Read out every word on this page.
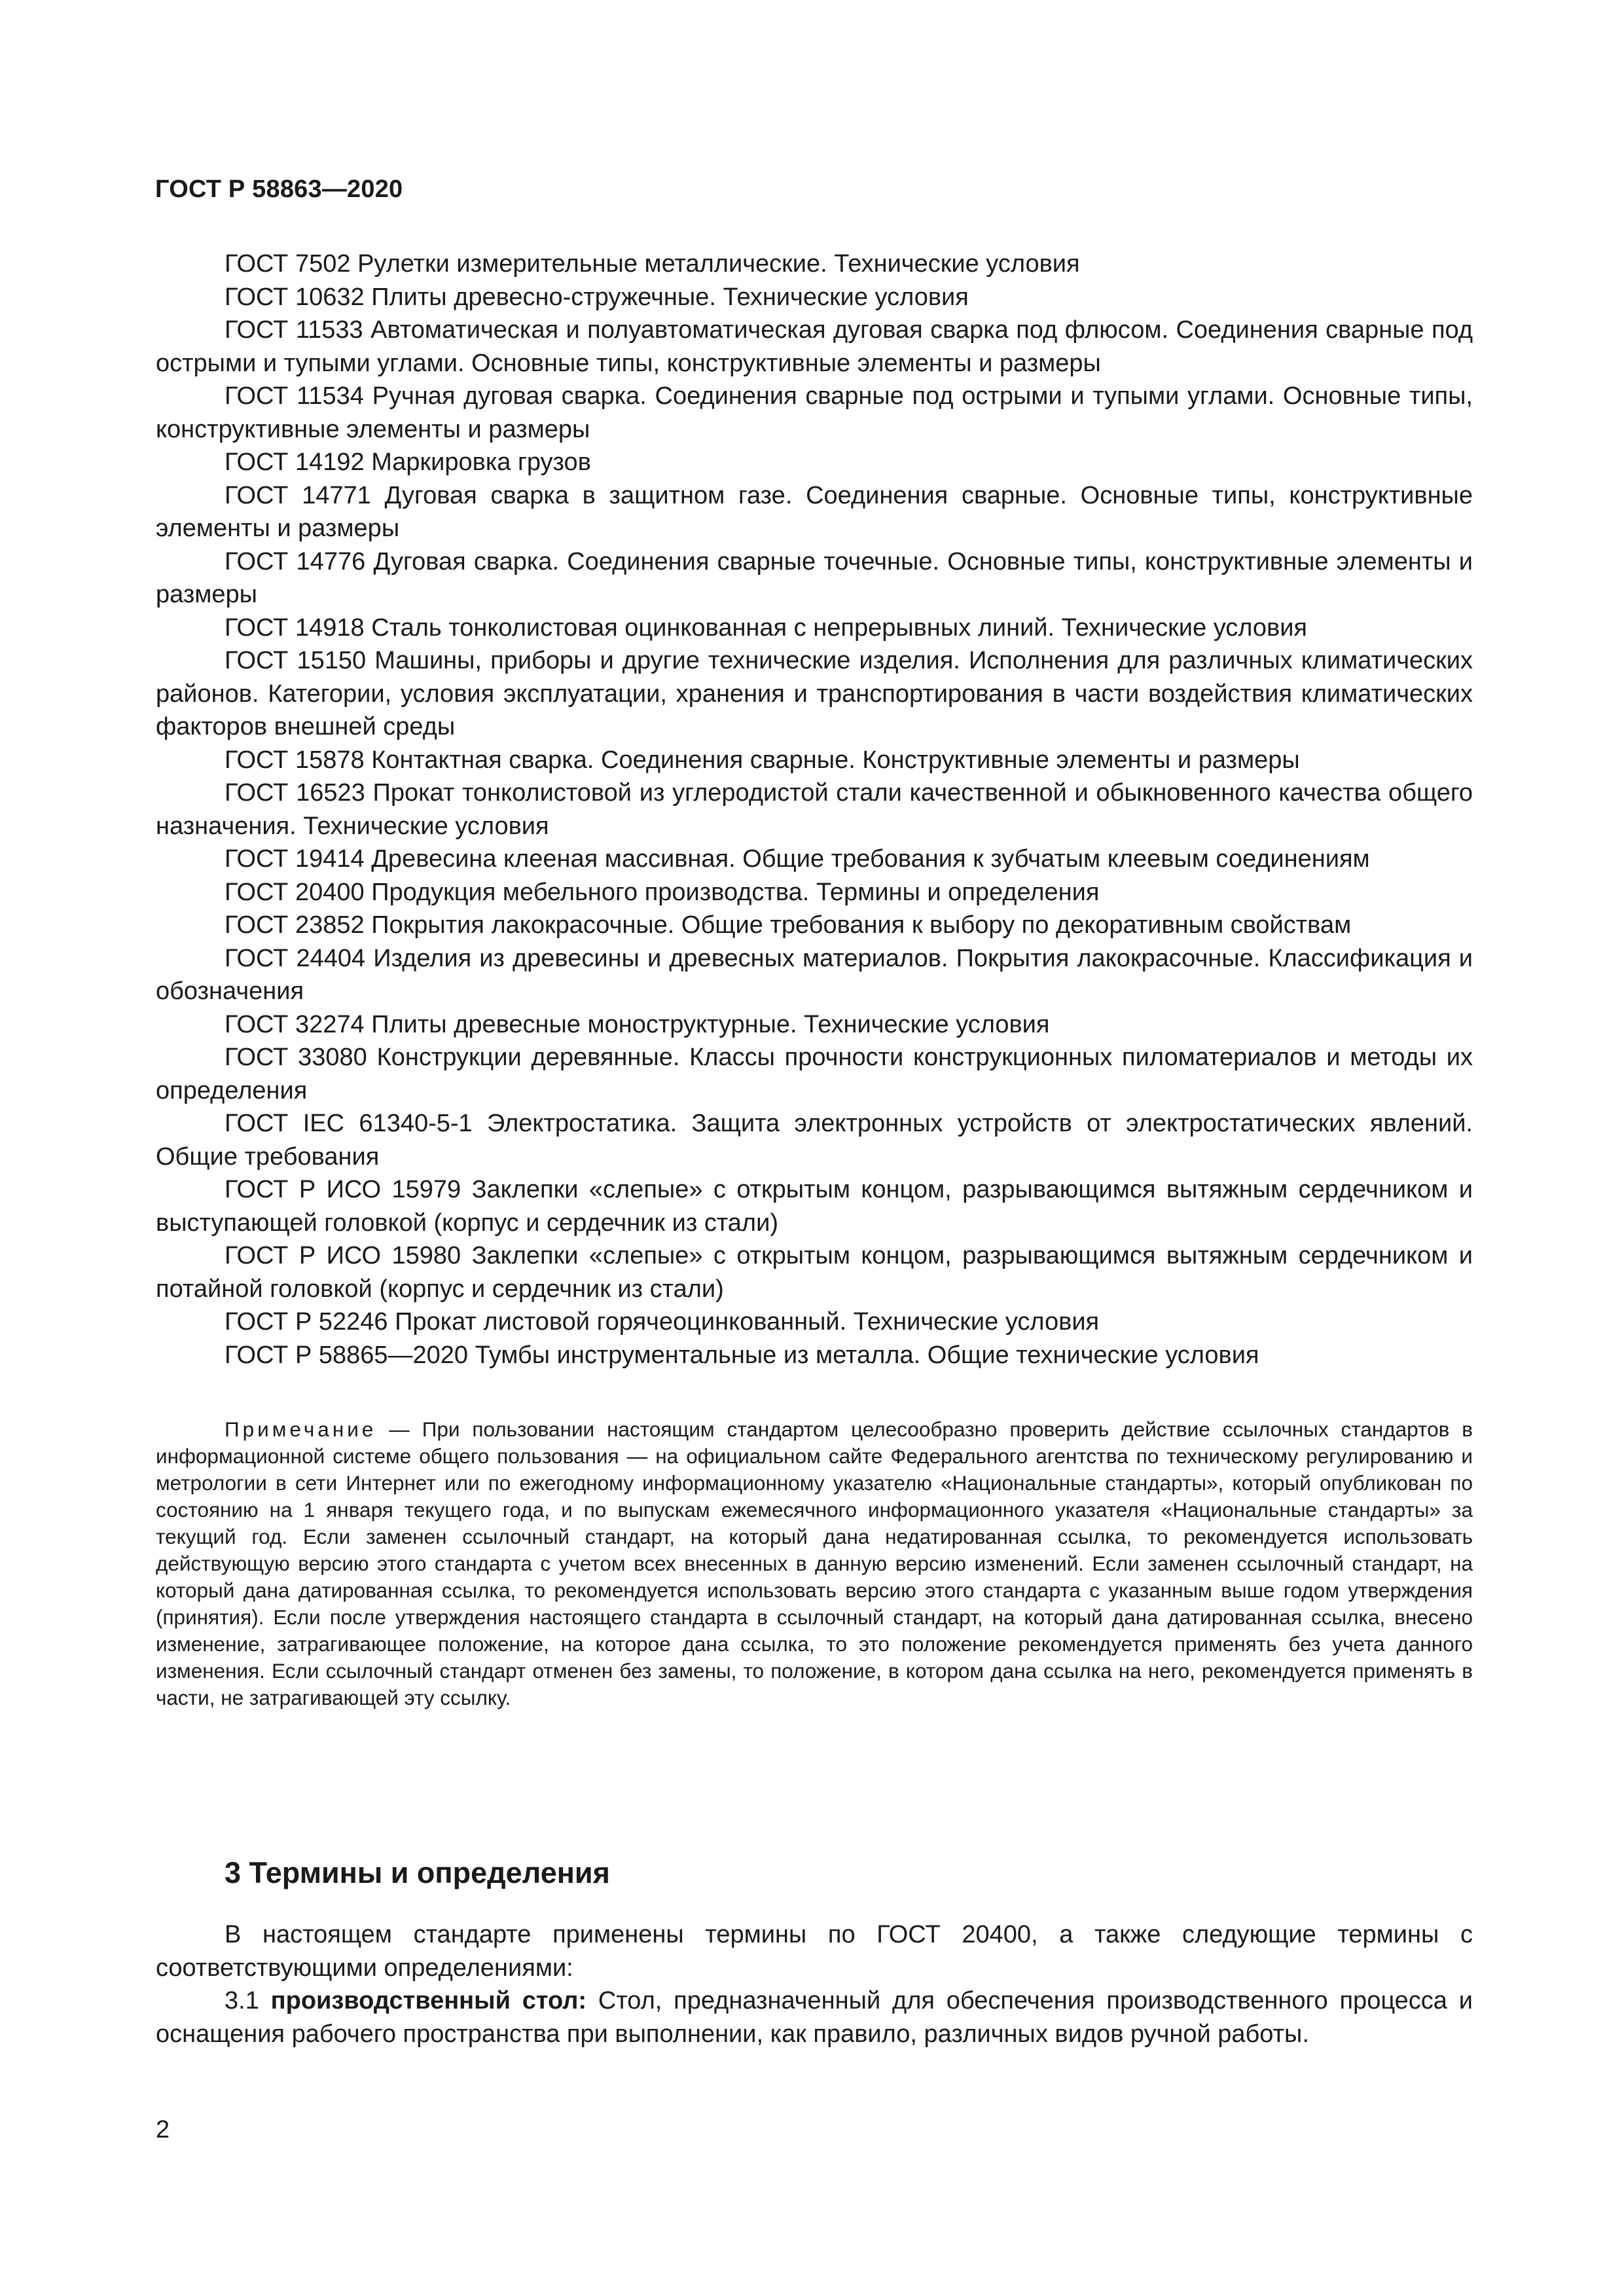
ГОСТ Р 58863—2020

ГОСТ 7502 Рулетки измерительные металлические. Технические условия

ГОСТ 10632 Плиты древесно-стружечные. Технические условия

ГОСТ 11533 Автоматическая и полуавтоматическая дуговая сварка под флюсом. Соединения сварные под острыми и тупыми углами. Основные типы, конструктивные элементы и размеры

ГОСТ 11534 Ручная дуговая сварка. Соединения сварные под острыми и тупыми углами. Основные типы, конструктивные элементы и размеры

ГОСТ 14192 Маркировка грузов

ГОСТ 14771 Дуговая сварка в защитном газе. Соединения сварные. Основные типы, конструктивные элементы и размеры

ГОСТ 14776 Дуговая сварка. Соединения сварные точечные. Основные типы, конструктивные элементы и размеры

ГОСТ 14918 Сталь тонколистовая оцинкованная с непрерывных линий. Технические условия

ГОСТ 15150 Машины, приборы и другие технические изделия. Исполнения для различных климатических районов. Категории, условия эксплуатации, хранения и транспортирования в части воздействия климатических факторов внешней среды

ГОСТ 15878 Контактная сварка. Соединения сварные. Конструктивные элементы и размеры

ГОСТ 16523 Прокат тонколистовой из углеродистой стали качественной и обыкновенного качества общего назначения. Технические условия

ГОСТ 19414 Древесина клееная массивная. Общие требования к зубчатым клеевым соединениям

ГОСТ 20400 Продукция мебельного производства. Термины и определения

ГОСТ 23852 Покрытия лакокрасочные. Общие требования к выбору по декоративным свойствам

ГОСТ 24404 Изделия из древесины и древесных материалов. Покрытия лакокрасочные. Классификация и обозначения

ГОСТ 32274 Плиты древесные моноструктурные. Технические условия

ГОСТ 33080 Конструкции деревянные. Классы прочности конструкционных пиломатериалов и методы их определения

ГОСТ IEC 61340-5-1 Электростатика. Защита электронных устройств от электростатических явлений. Общие требования

ГОСТ Р ИСО 15979 Заклепки «слепые» с открытым концом, разрывающимся вытяжным сердечником и выступающей головкой (корпус и сердечник из стали)

ГОСТ Р ИСО 15980 Заклепки «слепые» с открытым концом, разрывающимся вытяжным сердечником и потайной головкой (корпус и сердечник из стали)

ГОСТ Р 52246 Прокат листовой горячеоцинкованный. Технические условия

ГОСТ Р 58865—2020 Тумбы инструментальные из металла. Общие технические условия

Примечание — При пользовании настоящим стандартом целесообразно проверить действие ссылочных стандартов в информационной системе общего пользования — на официальном сайте Федерального агентства по техническому регулированию и метрологии в сети Интернет или по ежегодному информационному указателю «Национальные стандарты», который опубликован по состоянию на 1 января текущего года, и по выпускам ежемесячного информационного указателя «Национальные стандарты» за текущий год. Если заменен ссылочный стандарт, на который дана недатированная ссылка, то рекомендуется использовать действующую версию этого стандарта с учетом всех внесенных в данную версию изменений. Если заменен ссылочный стандарт, на который дана датированная ссылка, то рекомендуется использовать версию этого стандарта с указанным выше годом утверждения (принятия). Если после утверждения настоящего стандарта в ссылочный стандарт, на который дана датированная ссылка, внесено изменение, затрагивающее положение, на которое дана ссылка, то это положение рекомендуется применять без учета данного изменения. Если ссылочный стандарт отменен без замены, то положение, в котором дана ссылка на него, рекомендуется применять в части, не затрагивающей эту ссылку.

3 Термины и определения

В настоящем стандарте применены термины по ГОСТ 20400, а также следующие термины с соответствующими определениями:

3.1 производственный стол: Стол, предназначенный для обеспечения производственного процесса и оснащения рабочего пространства при выполнении, как правило, различных видов ручной работы.

2
